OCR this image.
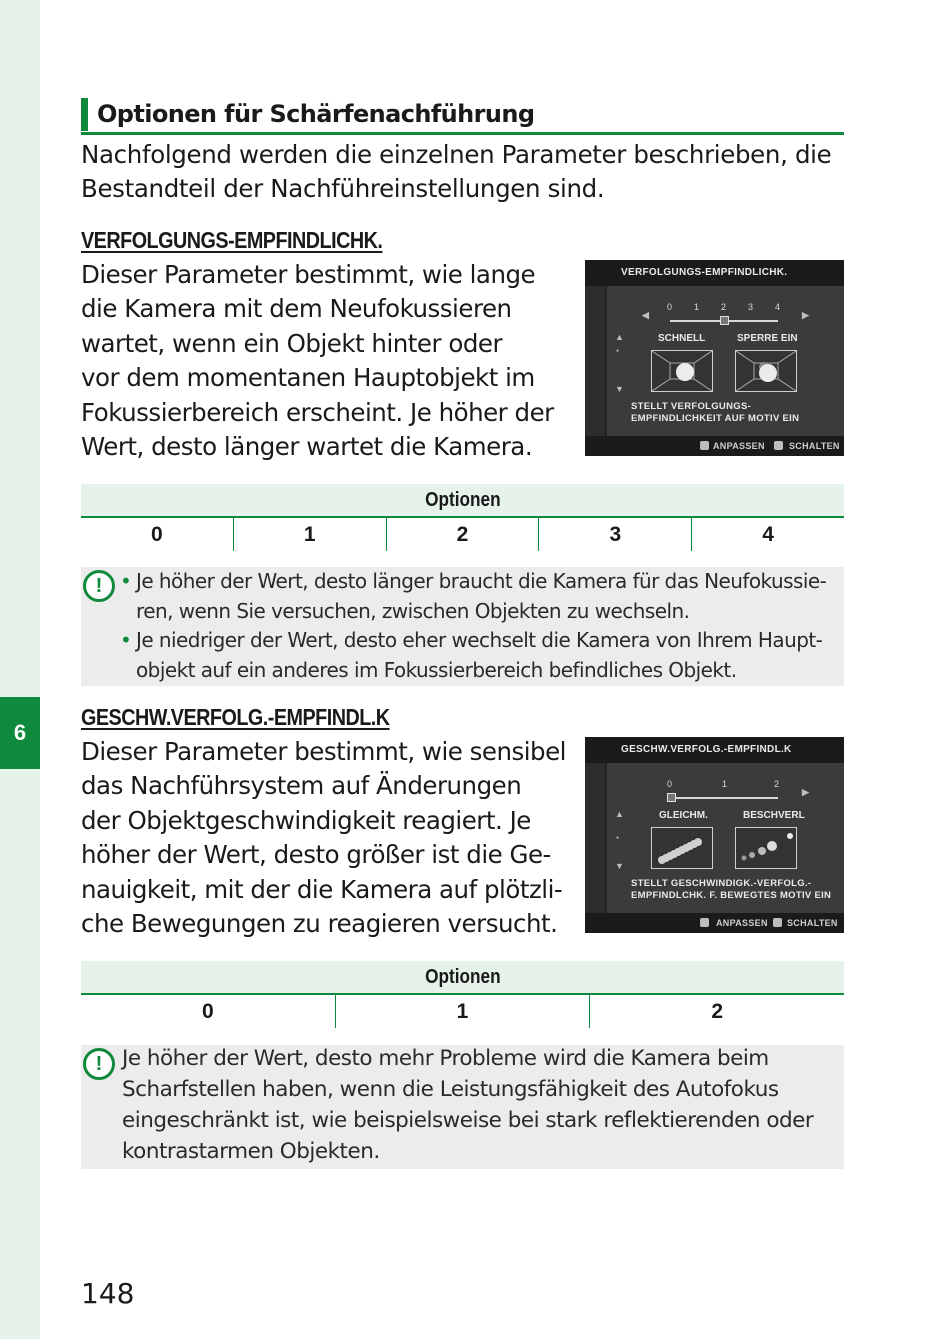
6
Optionen für Schärfenachführung
Nachfolgend werden die einzelnen Parameter beschrieben, die Bestandteil der Nachführeinstellungen sind.
VERFOLGUNGS-EMPFINDLICHK.
Dieser Parameter bestimmt, wie lange
die Kamera mit dem Neufokussieren
wartet, wenn ein Objekt hinter oder
vor dem momentanen Hauptobjekt im
Fokussierbereich erscheint. Je höher der
Wert, desto länger wartet die Kamera.
VERFOLGUNGS-EMPFINDLICHK.
▲
●
▼
◀	▶
0 1 2 3 4
SCHNELL	SPERRE EIN
STELLT VERFOLGUNGS-
EMPFINDLICHKEIT AUF MOTIV EIN
ANPASSEN	SCHALTEN
Optionen
0	1	2	3	4
!
•	Je höher der Wert, desto länger braucht die Kamera für das Neufokussie-ren, wenn Sie versuchen, zwischen Objekten zu wechseln.
• Je niedriger der Wert, desto eher wechselt die Kamera von Ihrem Haupt-objekt auf ein anderes im Fokussierbereich befindliches Objekt.
GESCHW.VERFOLG.-EMPFINDL.K
Dieser Parameter bestimmt, wie sensibel
das Nachführsystem auf Änderungen
der Objektgeschwindigkeit reagiert. Je
höher der Wert, desto größer ist die Ge-
nauigkeit, mit der die Kamera auf plötzli-
che Bewegungen zu reagieren versucht.
GESCHW.VERFOLG.-EMPFINDL.K
▲
●
▼
▶
0	1	2
GLEICHM.	BESCHVERL
STELLT GESCHWINDIGK.-VERFOLG.-
EMPFINDLCHK. F. BEWEGTES MOTIV EIN
ANPASSEN SCHALTEN
Optionen
0	1	2
! Je höher der Wert, desto mehr Probleme wird die Kamera beim Scharfstellen haben, wenn die Leistungsfähigkeit des Autofokus eingeschränkt ist, wie beispielsweise bei stark reflektierenden oder kontrastarmen Objekten.
148
